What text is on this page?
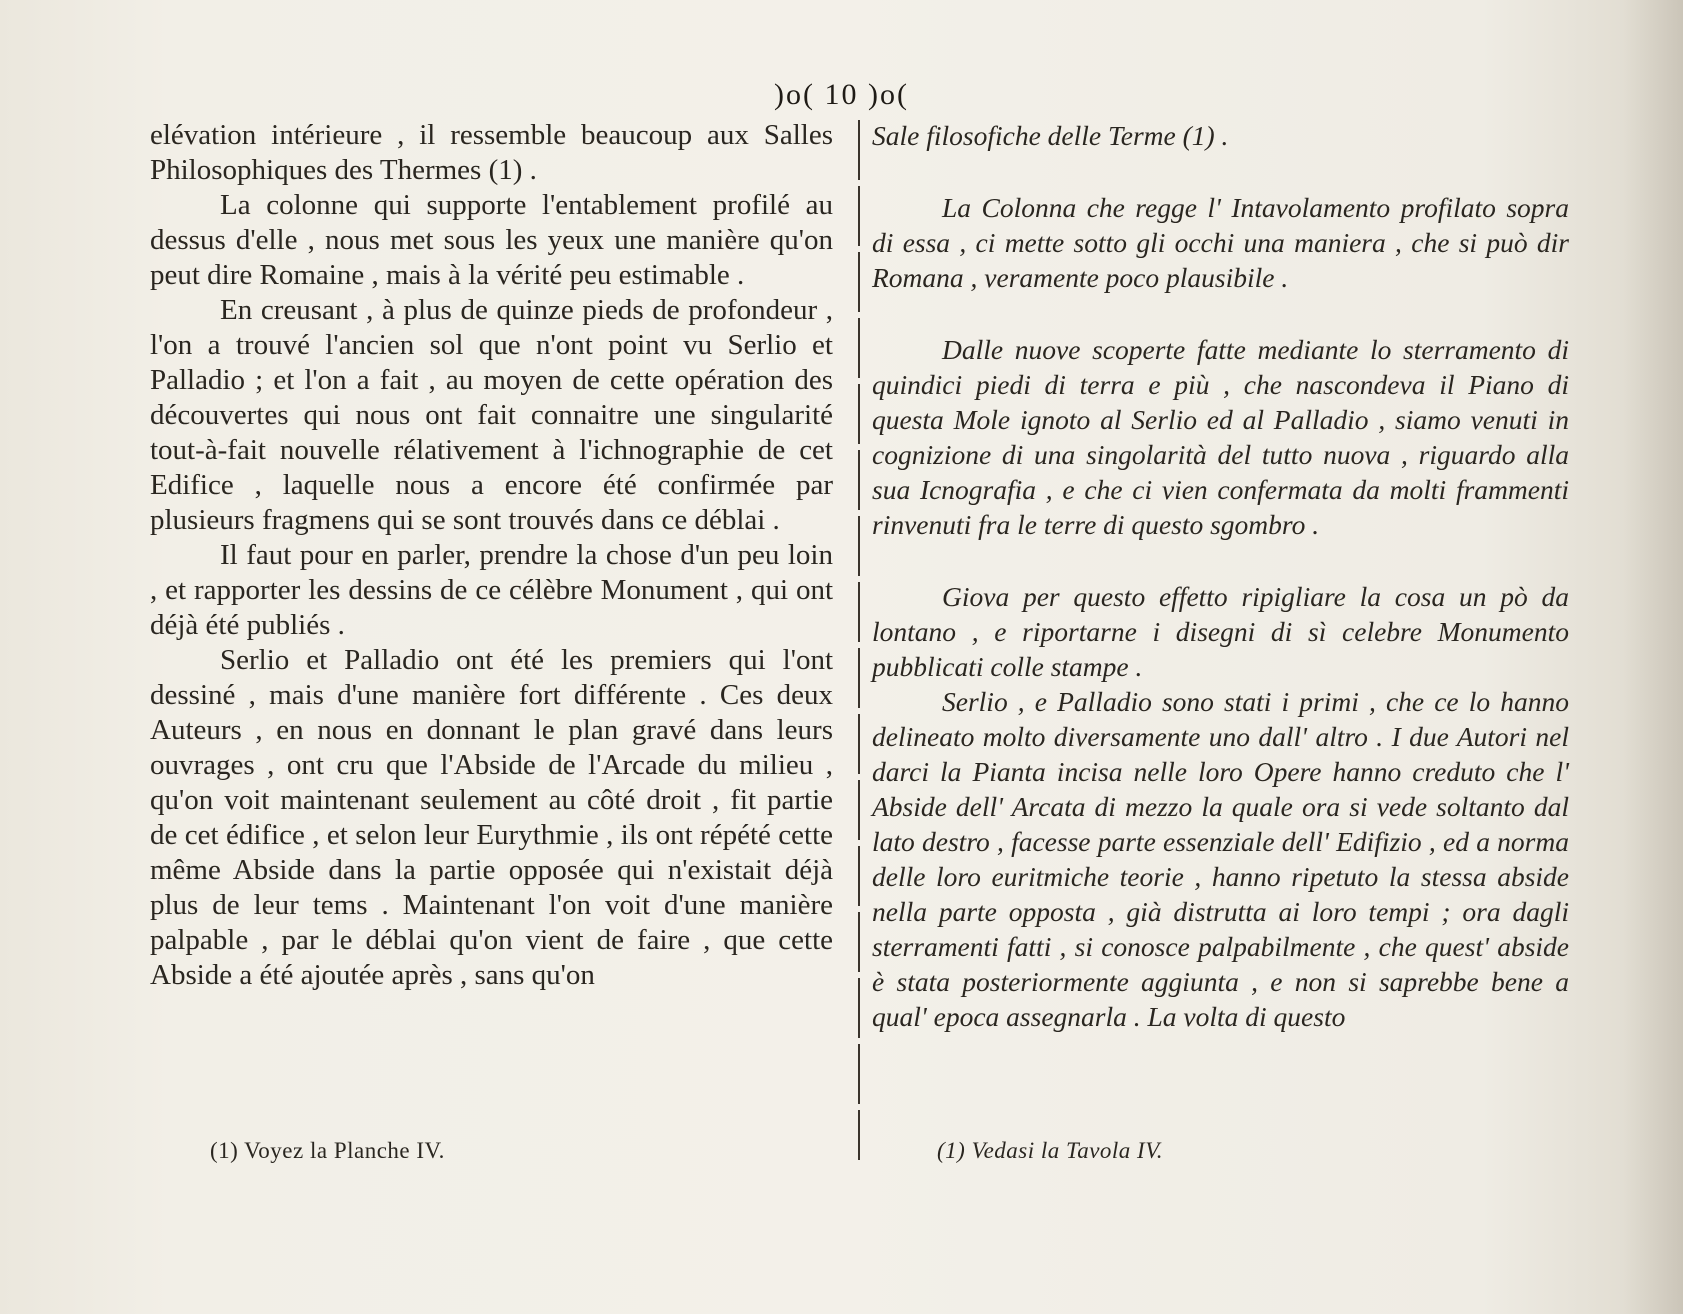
)o( 10 )o(

elévation intérieure , il ressemble beaucoup aux Salles Philosophiques des Thermes (1) .

La colonne qui supporte l'entablement profilé au dessus d'elle , nous met sous les yeux une manière qu'on peut dire Romaine , mais à la vérité peu estimable .

En creusant , à plus de quinze pieds de profondeur , l'on a trouvé l'ancien sol que n'ont point vu Serlio et Palladio ; et l'on a fait , au moyen de cette opération des découvertes qui nous ont fait connaitre une singularité tout-à-fait nouvelle rélativement à l'ichnographie de cet Edifice , laquelle nous a encore été confirmée par plusieurs fragmens qui se sont trouvés dans ce déblai .

Il faut pour en parler, prendre la chose d'un peu loin , et rapporter les dessins de ce célèbre Monument , qui ont déjà été publiés .

Serlio et Palladio ont été les premiers qui l'ont dessiné , mais d'une manière fort différente . Ces deux Auteurs , en nous en donnant le plan gravé dans leurs ouvrages , ont cru que l'Abside de l'Arcade du milieu , qu'on voit maintenant seulement au côté droit , fit partie de cet édifice , et selon leur Eurythmie , ils ont répété cette même Abside dans la partie opposée qui n'existait déjà plus de leur tems . Maintenant l'on voit d'une manière palpable , par le déblai qu'on vient de faire , que cette Abside a été ajoutée après , sans qu'on

Sale filosofiche delle Terme (1) .

La Colonna che regge l' Intavolamento profilato sopra di essa , ci mette sotto gli occhi una maniera , che si può dir Romana , veramente poco plausibile .

Dalle nuove scoperte fatte mediante lo sterramento di quindici piedi di terra e più , che nascondeva il Piano di questa Mole ignoto al Serlio ed al Palladio , siamo venuti in cognizione di una singolarità del tutto nuova , riguardo alla sua Icnografia , e che ci vien confermata da molti frammenti rinvenuti fra le terre di questo sgombro .

Giova per questo effetto ripigliare la cosa un pò da lontano , e riportarne i disegni di sì celebre Monumento pubblicati colle stampe .

Serlio , e Palladio sono stati i primi , che ce lo hanno delineato molto diversamente uno dall' altro . I due Autori nel darci la Pianta incisa nelle loro Opere hanno creduto che l' Abside dell' Arcata di mezzo la quale ora si vede soltanto dal lato destro , facesse parte essenziale dell' Edifizio , ed a norma delle loro euritmiche teorie , hanno ripetuto la stessa abside nella parte opposta , già distrutta ai loro tempi ; ora dagli sterramenti fatti , si conosce palpabilmente , che quest' abside è stata posteriormente aggiunta , e non si saprebbe bene a qual' epoca assegnarla . La volta di questo

(1) Voyez la Planche IV.	(1) Vedasi la Tavola IV.
